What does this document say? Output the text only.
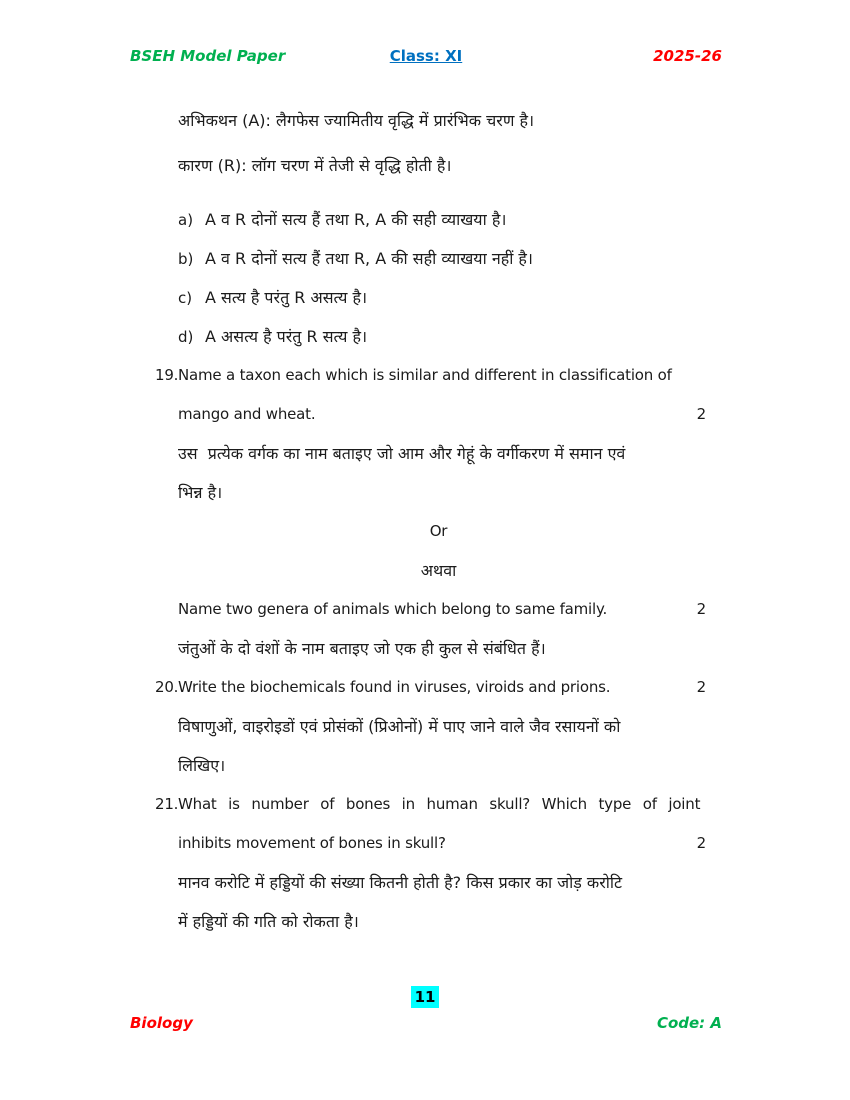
BSEH Model Paper	Class: XI	2025-26
अभिकथन (A): लैगफेस ज्यामितीय वृद्धि में प्रारंभिक चरण है।
कारण (R): लॉग चरण में तेजी से वृद्धि होती है।
a) A व R दोनों सत्य हैं तथा R, A की सही व्याखया है।
b) A व R दोनों सत्य हैं तथा R, A की सही व्याखया नहीं है।
c) A सत्य है परंतु R असत्य है।
d) A असत्य है परंतु R सत्य है।
19. Name a taxon each which is similar and different in classification of
mango and wheat.	2
उस  प्रत्येक वर्गक का नाम बताइए जो आम और गेहूं के वर्गीकरण में समान एवं
भिन्न है।
Or
अथवा
Name two genera of animals which belong to same family.	2
जंतुओं के दो वंशों के नाम बताइए जो एक ही कुल से संबंधित हैं।
20. Write the biochemicals found in viruses, viroids and prions.	2
विषाणुओं, वाइरोइडों एवं प्रोसंकों (प्रिओनों) में पाए जाने वाले जैव रसायनों को
लिखिए।
21. What is number of bones in human skull? Which type of joint
inhibits movement of bones in skull?	2
मानव करोटि में हड्डियों की संख्या कितनी होती है? किस प्रकार का जोड़ करोटि
में हड्डियों की गति को रोकता है।
11
Biology	Code: A
